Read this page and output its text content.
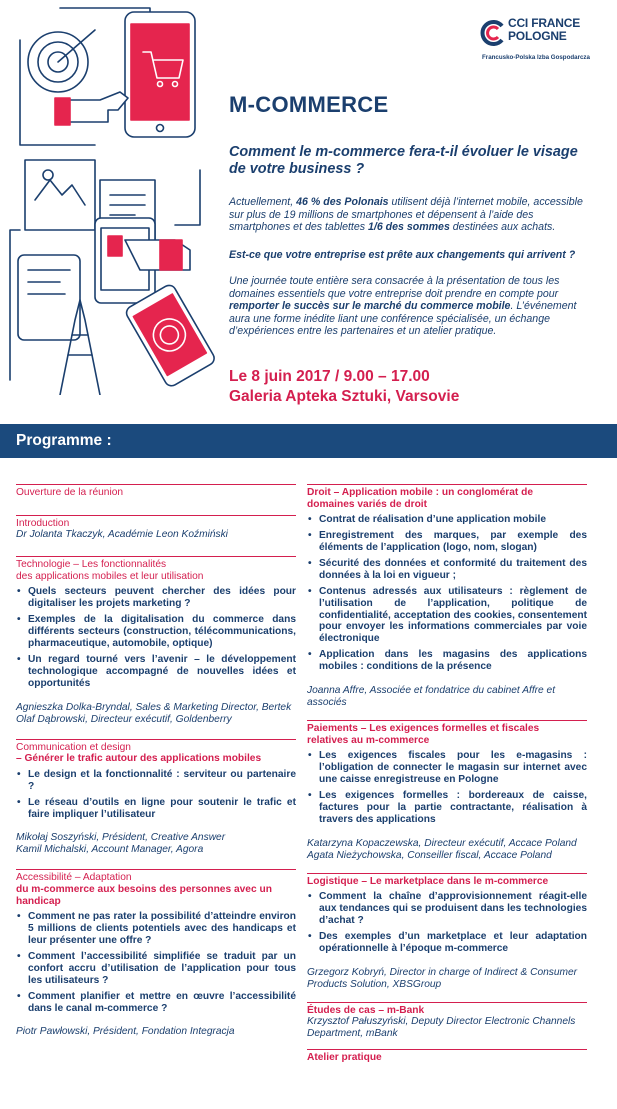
CCI FRANCE
POLOGNE
Francusko-Polska Izba Gospodarcza
M-COMMERCE
Comment le m-commerce fera-t-il évoluer le visage de votre business ?
Actuellement, 46 % des Polonais utilisent déjà l’internet mobile, accessible sur plus de 19 millions de smartphones et dépensent à l’aide des smartphones et des tablettes 1/6 des sommes destinées aux achats.
Est-ce que votre entreprise est prête aux changements qui arrivent ?
Une journée toute entière sera consacrée à la présentation de tous les domaines essentiels que votre entreprise doit prendre en compte pour remporter le succès sur le marché du commerce mobile. L’événement aura une forme inédite liant une conférence spécialisée, un échange d’expériences entre les partenaires et un atelier pratique.
Le 8 juin 2017 / 9.00 – 17.00
Galeria Apteka Sztuki, Varsovie
Programme :
Ouverture de la réunion
Introduction
Dr Jolanta Tkaczyk, Académie Leon Koźmiński
Technologie – Les fonctionnalités
des applications mobiles et leur utilisation
• Quels secteurs peuvent chercher des idées pour digitaliser les projets marketing ?
• Exemples de la digitalisation du commerce dans différents secteurs (construction, télécommunications, pharmaceutique, automobile, optique)
• Un regard tourné vers l’avenir – le développement technologique accompagné de nouvelles idées et opportunités
Agnieszka Dolka-Bryndal, Sales & Marketing Director, Bertek
Olaf Dąbrowski, Directeur exécutif, Goldenberry
Communication et design
– Générer le trafic autour des applications mobiles
• Le design et la fonctionnalité : serviteur ou partenaire ?
• Le réseau d’outils en ligne pour soutenir le trafic et faire impliquer l’utilisateur
Mikołaj Soszyński, Président, Creative Answer
Kamil Michalski, Account Manager, Agora
Accessibilité – Adaptation
du m-commerce aux besoins des personnes avec un handicap
• Comment ne pas rater la possibilité d’atteindre environ 5 millions de clients potentiels avec des handicaps et leur présenter une offre ?
• Comment l’accessibilité simplifiée se traduit par un confort accru d’utilisation de l’application pour tous les utilisateurs ?
• Comment planifier et mettre en œuvre l’accessibilité dans le canal m-commerce ?
Piotr Pawłowski, Président, Fondation Integracja
Droit – Application mobile : un conglomérat de
domaines variés de droit
• Contrat de réalisation d’une application mobile
• Enregistrement des marques, par exemple des éléments de l’application (logo, nom, slogan)
• Sécurité des données et conformité du traitement des données à la loi en vigueur ;
• Contenus adressés aux utilisateurs : règlement de l’utilisation de l’application, politique de confidentialité, acceptation des cookies, consentement pour envoyer les informations commerciales par voie électronique
• Application dans les magasins des applications mobiles : conditions de la présence
Joanna Affre, Associée et fondatrice du cabinet Affre et associés
Paiements – Les exigences formelles et fiscales
relatives au m-commerce
• Les exigences fiscales pour les e-magasins : l’obligation de connecter le magasin sur internet avec une caisse enregistreuse en Pologne
• Les exigences formelles : bordereaux de caisse, factures pour la partie contractante, réalisation à travers des applications
Katarzyna Kopaczewska, Directeur exécutif, Accace Poland
Agata Nieżychowska, Conseiller fiscal, Accace Poland
Logistique – Le marketplace dans le m-commerce
• Comment la chaîne d’approvisionnement réagit-elle aux tendances qui se produisent dans les technologies d’achat ?
• Des exemples d’un marketplace et leur adaptation opérationnelle à l’époque m-commerce
Grzegorz Kobryń, Director in charge of Indirect & Consumer Products Solution, XBSGroup
Études de cas – m-Bank
Krzysztof Pałuszyński, Deputy Director Electronic Channels Department, mBank
Atelier pratique
